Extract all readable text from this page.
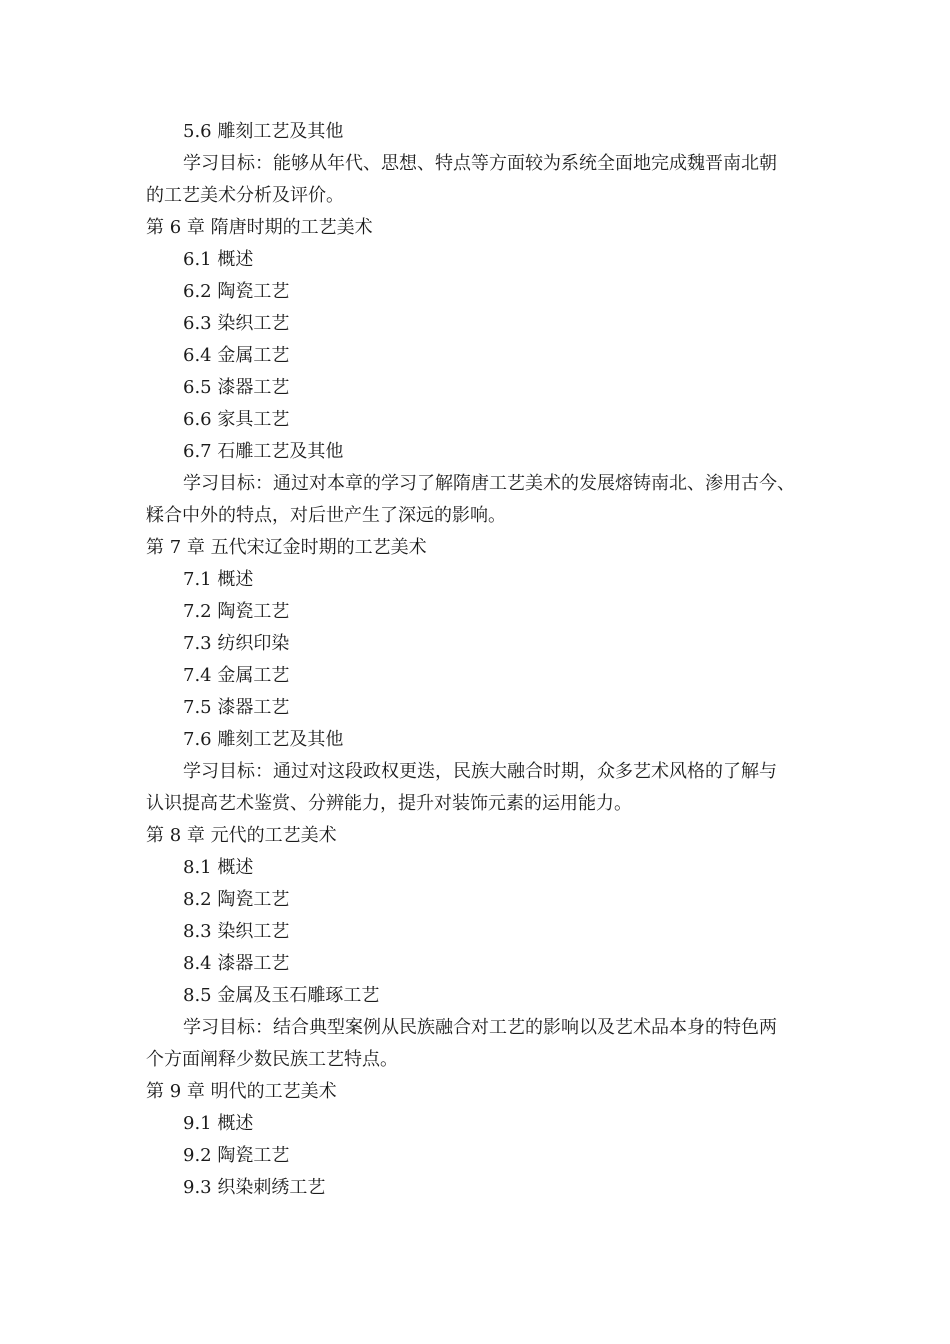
5.6 雕刻工艺及其他
学习目标：能够从年代、思想、特点等方面较为系统全面地完成魏晋南北朝
的工艺美术分析及评价。
第 6 章 隋唐时期的工艺美术
6.1 概述
6.2 陶瓷工艺
6.3 染织工艺
6.4 金属工艺
6.5 漆器工艺
6.6 家具工艺
6.7 石雕工艺及其他
学习目标：通过对本章的学习了解隋唐工艺美术的发展熔铸南北、渗用古今、
糅合中外的特点，对后世产生了深远的影响。
第 7 章 五代宋辽金时期的工艺美术
7.1 概述
7.2 陶瓷工艺
7.3 纺织印染
7.4 金属工艺
7.5 漆器工艺
7.6 雕刻工艺及其他
学习目标：通过对这段政权更迭，民族大融合时期，众多艺术风格的了解与
认识提高艺术鉴赏、分辨能力，提升对装饰元素的运用能力。
第 8 章 元代的工艺美术
8.1 概述
8.2 陶瓷工艺
8.3 染织工艺
8.4 漆器工艺
8.5 金属及玉石雕琢工艺
学习目标：结合典型案例从民族融合对工艺的影响以及艺术品本身的特色两
个方面阐释少数民族工艺特点。
第 9 章 明代的工艺美术
9.1 概述
9.2 陶瓷工艺
9.3 织染刺绣工艺
